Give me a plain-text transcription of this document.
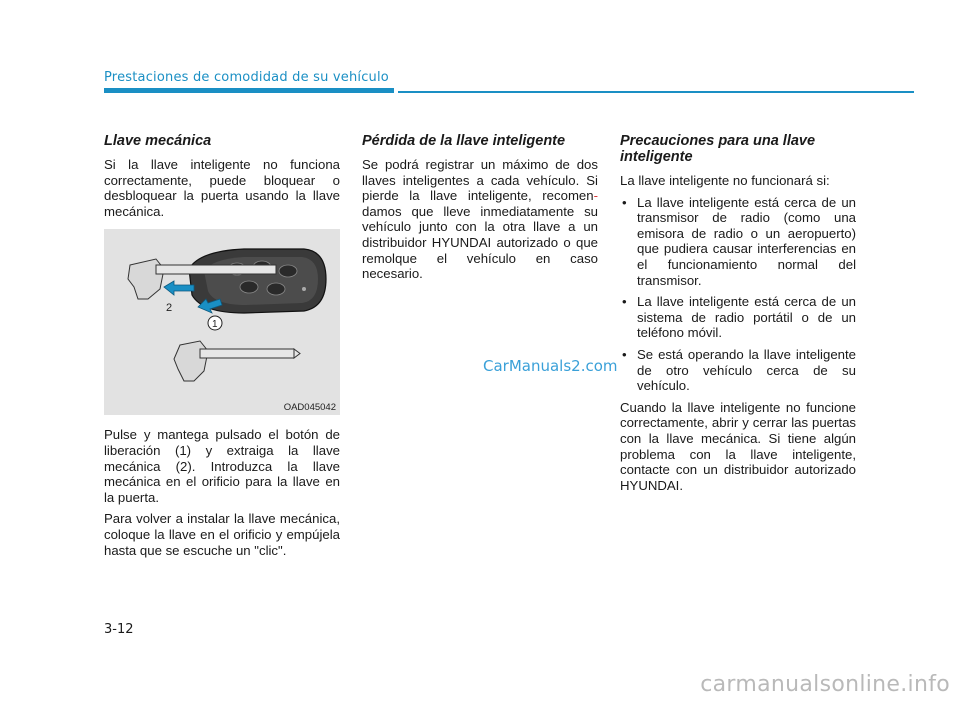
Prestaciones de comodidad de su vehículo
Llave mecánica

Si la llave inteligente no funciona correctamente, puede bloquear o desbloquear la puerta usando la llave mecánica.

2
1
OAD045042

Pulse y mantega pulsado el botón de liberación (1) y extraiga la llave mecánica (2). Introduzca la llave mecánica en el orificio para la llave en la puerta.

Para volver a instalar la llave mecánica, coloque la llave en el orificio y empújela hasta que se escuche un "clic".

Pérdida de la llave inteligente

Se podrá registrar un máximo de dos llaves inteligentes a cada vehículo. Si pierde la llave inteligente, recomen-damos que lleve inmediatamente su vehículo junto con la otra llave a un distribuidor HYUNDAI autorizado o que remolque el vehículo en caso necesario.

Precauciones para una llave inteligente

La llave inteligente no funcionará si:

• La llave inteligente está cerca de un transmisor de radio (como una emisora de radio o un aeropuerto) que pudiera causar interferencias en el funcionamiento normal del transmisor.
• La llave inteligente está cerca de un sistema de radio portátil o de un teléfono móvil.
• Se está operando la llave inteligente de otro vehículo cerca de su vehículo.

Cuando la llave inteligente no funcione correctamente, abrir y cerrar las puertas con la llave mecánica. Si tiene algún problema con la llave inteligente, contacte con un distribuidor autorizado HYUNDAI.

CarManuals2.com
3-12
carmanualsonline.info
